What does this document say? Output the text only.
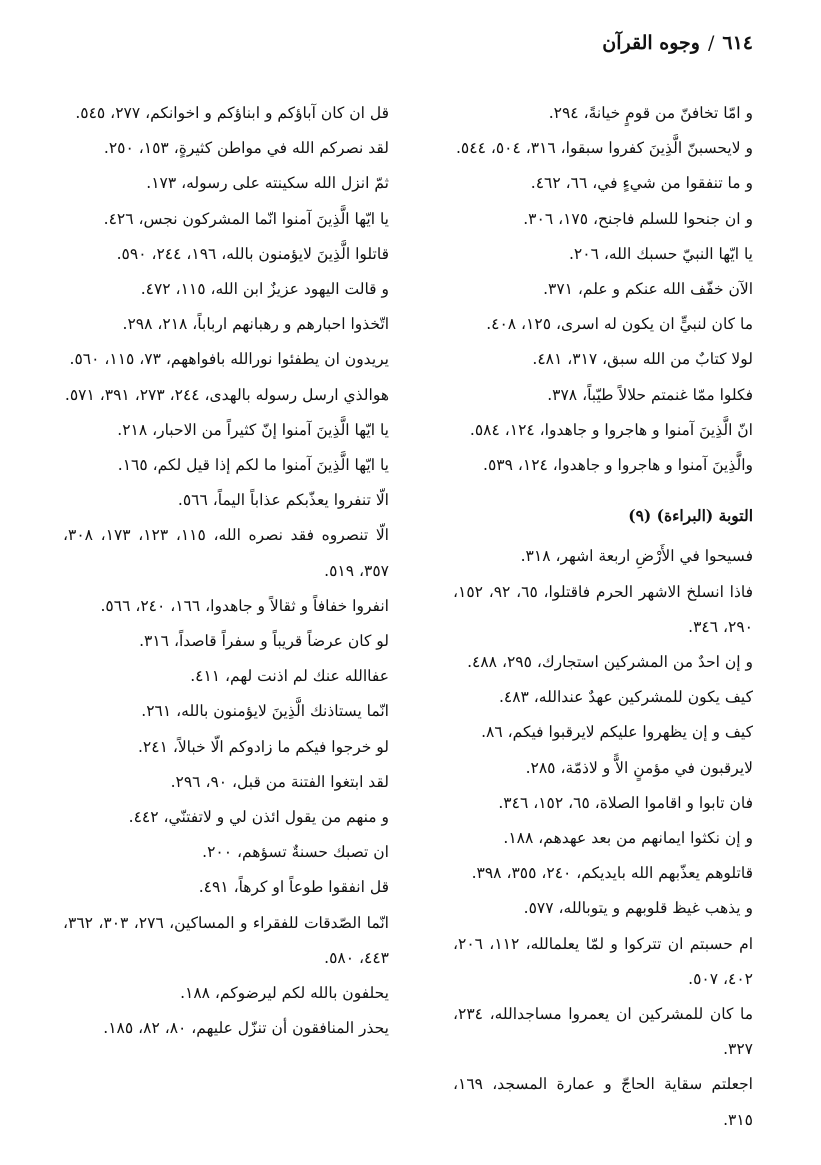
٦١٤/وجوه القرآن
و امّا تخافنّ من قومٍ خيانةً، ٢٩٤.
و لايحسبنّ الَّذِينَ كفروا سبقوا، ٣١٦، ٥٠٤، ٥٤٤.
و ما تنفقوا من شيءٍ في، ٦٦، ٤٦٢.
و ان جنحوا للسلم فاجنح، ١٧٥، ٣٠٦.
يا ايّها النبيّ حسبك الله، ٢٠٦.
الآن خفّف الله عنكم و علم، ٣٧١.
ما كان لنبيٍّ ان يكون له اسرى، ١٢٥، ٤٠٨.
لولا كتابٌ من الله سبق، ٣١٧، ٤٨١.
فكلوا ممّا غنمتم حلالاً طيّباً، ٣٧٨.
انّ الَّذِينَ آمنوا و هاجروا و جاهدوا، ١٢٤، ٥٨٤.
والَّذِينَ آمنوا و هاجروا و جاهدوا، ١٢٤، ٥٣٩.
التوبة (البراءة) (٩)
فسيحوا في الأَرْضِ اربعة اشهر، ٣١٨.
فاذا انسلخ الاشهر الحرم فاقتلوا، ٦٥، ٩٢، ١٥٢، ٢٩٠، ٣٤٦.
و إن احدٌ من المشركين استجارك، ٢٩٥، ٤٨٨.
كيف يكون للمشركين عهدٌ عندالله، ٤٨٣.
كيف و إن يظهروا عليكم لايرقبوا فيكم، ٨٦.
لايرقبون في مؤمنٍ الاًّ و لاذمّة، ٢٨٥.
فان تابوا و اقاموا الصلاة، ٦٥، ١٥٢، ٣٤٦.
و إن نكثوا ايمانهم من بعد عهدهم، ١٨٨.
قاتلوهم يعذّبهم الله بايديكم، ٢٤٠، ٣٥٥، ٣٩٨.
و يذهب غيظ قلوبهم و يتوبالله، ٥٧٧.
ام حسبتم ان تتركوا و لمّا يعلمالله، ١١٢، ٢٠٦، ٤٠٢، ٥٠٧.
ما كان للمشركين ان يعمروا مساجدالله، ٢٣٤، ٣٢٧.
اجعلتم سقاية الحاجّ و عمارة المسجد، ١٦٩، ٣١٥.
قل ان كان آباؤكم و ابناؤكم و اخوانكم، ٢٧٧، ٥٤٥.
لقد نصركم الله في مواطن كثيرةٍ، ١٥٣، ٢٥٠.
ثمّ انزل الله سكينته على رسوله، ١٧٣.
يا ايّها الَّذِينَ آمنوا انّما المشركون نجس، ٤٢٦.
قاتلوا الَّذِينَ لايؤمنون بالله، ١٩٦، ٢٤٤، ٥٩٠.
و قالت اليهود عزيزٌ ابن الله، ١١٥، ٤٧٢.
اتّخذوا احبارهم و رهبانهم ارباباً، ٢١٨، ٢٩٨.
يريدون ان يطفئوا نورالله بافواههم، ٧٣، ١١٥، ٥٦٠.
هوالذي ارسل رسوله بالهدى، ٢٤٤، ٢٧٣، ٣٩١، ٥٧١.
يا ايّها الَّذِينَ آمنوا إنّ كثيراً من الاحبار، ٢١٨.
يا ايّها الَّذِينَ آمنوا ما لكم إذا قيل لكم، ١٦٥.
الّا تنفروا يعذّبكم عذاباً اليماً، ٥٦٦.
الّا تنصروه فقد نصره الله، ١١٥، ١٢٣، ١٧٣، ٣٠٨، ٣٥٧، ٥١٩.
انفروا خفافاً و ثقالاً و جاهدوا، ١٦٦، ٢٤٠، ٥٦٦.
لو كان عرضاً قريباً و سفراً قاصداً، ٣١٦.
عفاالله عنك لم اذنت لهم، ٤١١.
انّما يستاذنك الَّذِينَ لايؤمنون بالله، ٢٦١.
لو خرجوا فيكم ما زادوكم الّا خبالاً، ٢٤١.
لقد ابتغوا الفتنة من قبل، ٩٠، ٢٩٦.
و منهم من يقول ائذن لي و لاتفتنّي، ٤٤٢.
ان تصبك حسنةٌ تسؤهم، ٢٠٠.
قل انفقوا طوعاً او كرهاً، ٤٩١.
انّما الصّدقات للفقراء و المساكين، ٢٧٦، ٣٠٣، ٣٦٢، ٤٤٣، ٥٨٠.
يحلفون بالله لكم ليرضوكم، ١٨٨.
يحذر المنافقون أن تنزّل عليهم، ٨٠، ٨٢، ١٨٥.
